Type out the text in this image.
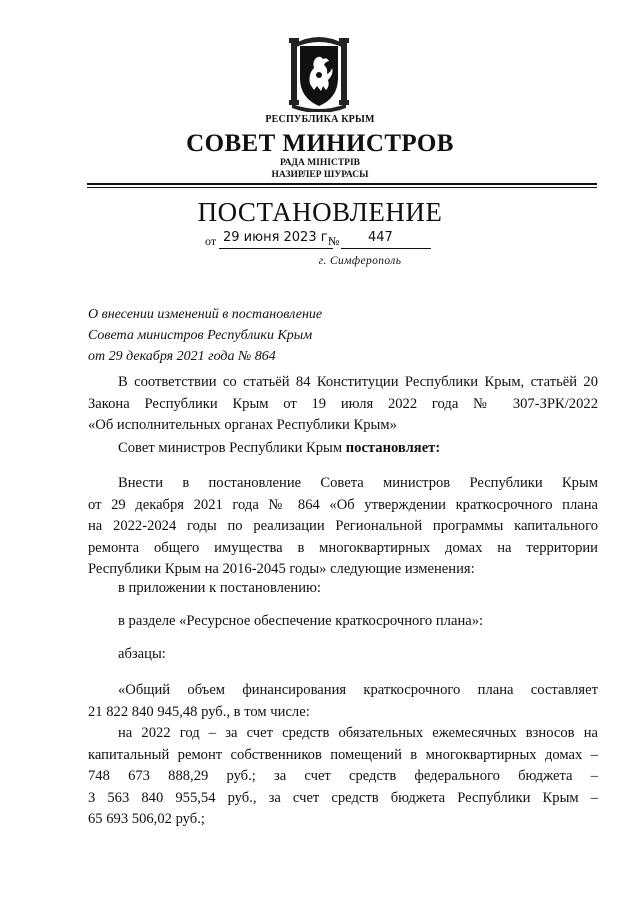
РЕСПУБЛИКА КРЫМ
СОВЕТ МИНИСТРОВ
РАДА МІНІСТРІВ
НАЗИРЛЕР ШУРАСЫ
ПОСТАНОВЛЕНИЕ
от 29 июня 2023 г.
№ 447
г. Симферополь
О внесении изменений в постановление
Совета министров Республики Крым
от 29 декабря 2021 года № 864
В соответствии со статьёй 84 Конституции Республики Крым, статьёй 20
Закона Республики Крым от 19 июля 2022 года № 307-ЗРК/2022
«Об исполнительных органах Республики Крым»
Совет министров Республики Крым постановляет:
Внести в постановление Совета министров Республики Крым
от 29 декабря 2021 года № 864 «Об утверждении краткосрочного плана
на 2022-2024 годы по реализации Региональной программы капитального
ремонта общего имущества в многоквартирных домах на территории
Республики Крым на 2016-2045 годы» следующие изменения:
в приложении к постановлению:
в разделе «Ресурсное обеспечение краткосрочного плана»:
абзацы:
«Общий объем финансирования краткосрочного плана составляет
21 822 840 945,48 руб., в том числе:
на 2022 год – за счет средств обязательных ежемесячных взносов на
капитальный ремонт собственников помещений в многоквартирных домах –
748 673 888,29 руб.; за счет средств федерального бюджета –
3 563 840 955,54 руб., за счет средств бюджета Республики Крым –
65 693 506,02 руб.;
